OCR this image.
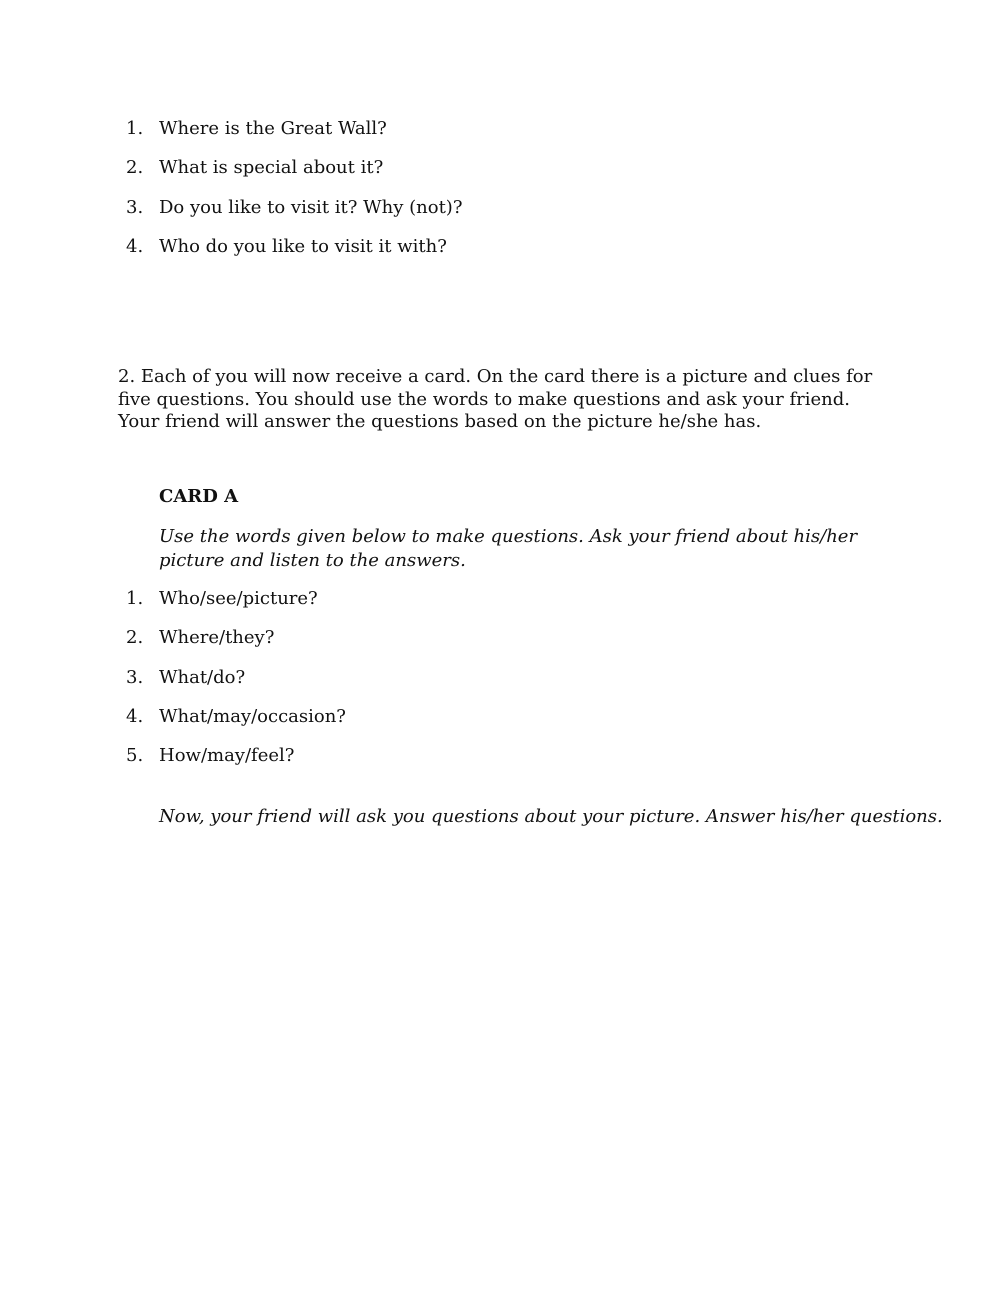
1. Where is the Great Wall?
2. What is special about it?
3. Do you like to visit it? Why (not)?
4. Who do you like to visit it with?

2. Each of you will now receive a card. On the card there is a picture and clues for five questions. You should use the words to make questions and ask your friend. Your friend will answer the questions based on the picture he/she has.

CARD A

Use the words given below to make questions. Ask your friend about his/her picture and listen to the answers.

1. Who/see/picture?
2. Where/they?
3. What/do?
4. What/may/occasion?
5. How/may/feel?

Now, your friend will ask you questions about your picture. Answer his/her questions.
